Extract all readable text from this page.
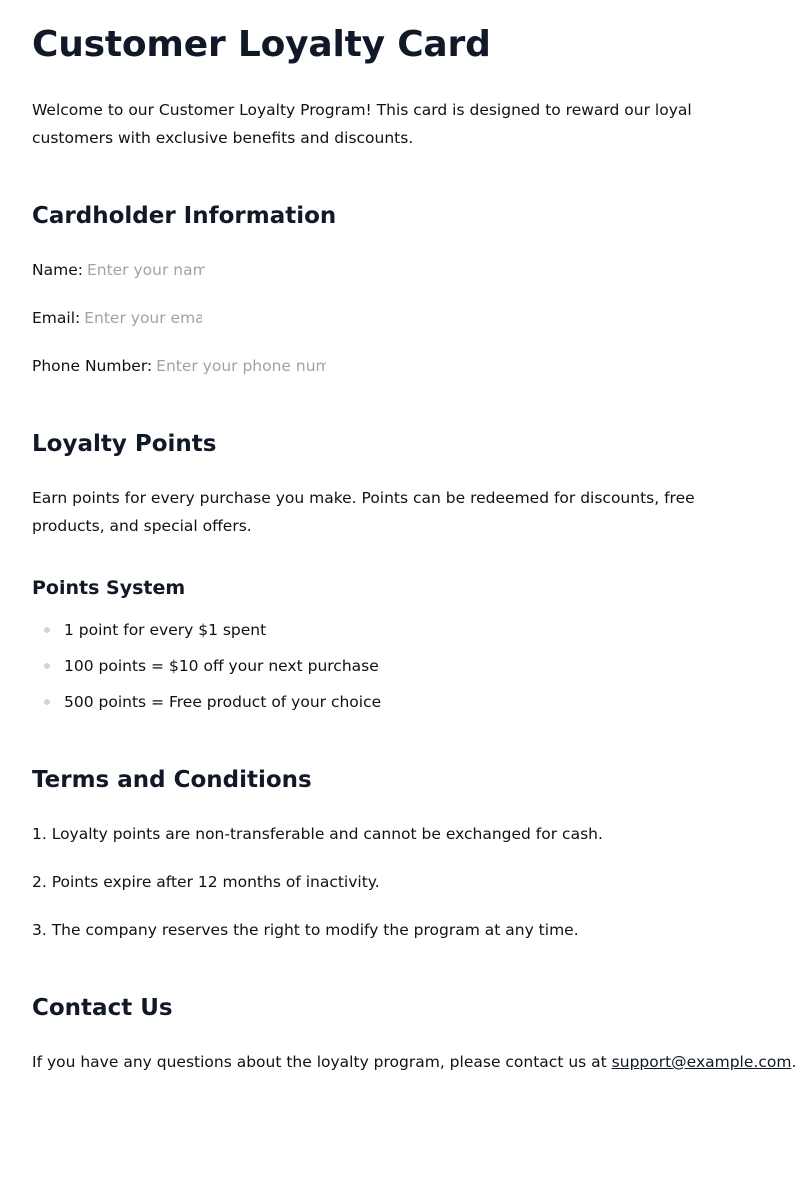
Customer Loyalty Card

Welcome to our Customer Loyalty Program! This card is designed to reward our loyal customers with exclusive benefits and discounts.

Cardholder Information
Name:
Enter your name
Email:
Enter your email
Phone Number:
Enter your phone number
Loyalty Points

Earn points for every purchase you make. Points can be redeemed for discounts, free products, and special offers.

Points System
1 point for every $1 spent
100 points = $10 off your next purchase
500 points = Free product of your choice
Terms and Conditions

1. Loyalty points are non-transferable and cannot be exchanged for cash.

2. Points expire after 12 months of inactivity.

3. The company reserves the right to modify the program at any time.

Contact Us

If you have any questions about the loyalty program, please contact us at support@example.com.
